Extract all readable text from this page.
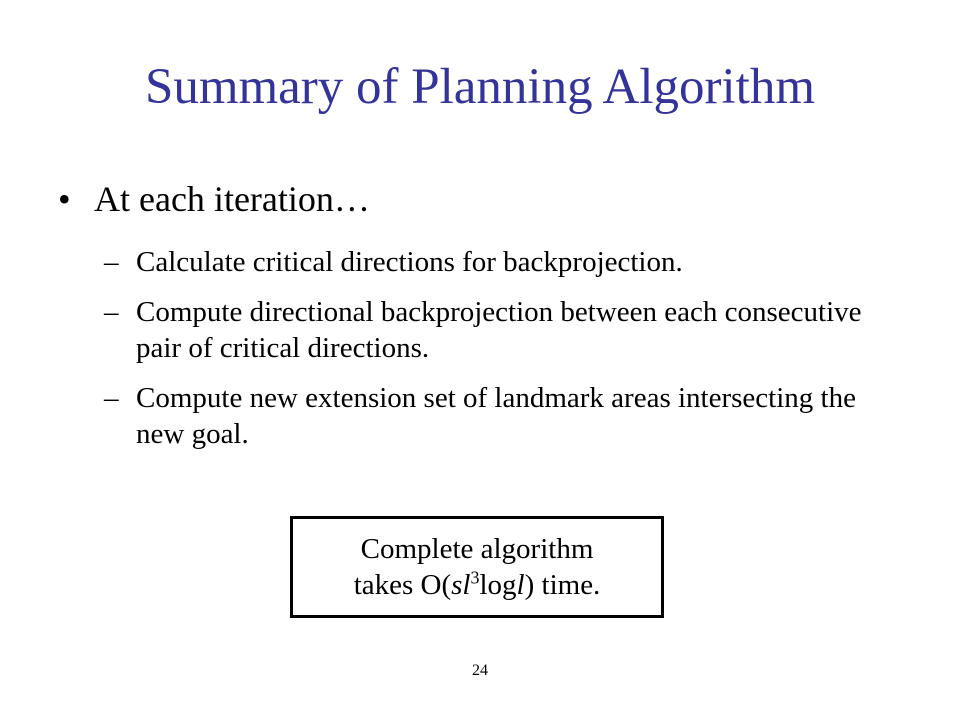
Summary of Planning Algorithm
• At each iteration…
– Calculate critical directions for backprojection.
– Compute directional backprojection between each consecutive pair of critical directions.
– Compute new extension set of landmark areas intersecting the new goal.
Complete algorithm
takes $O(sl^3\log l)$ time.
24
